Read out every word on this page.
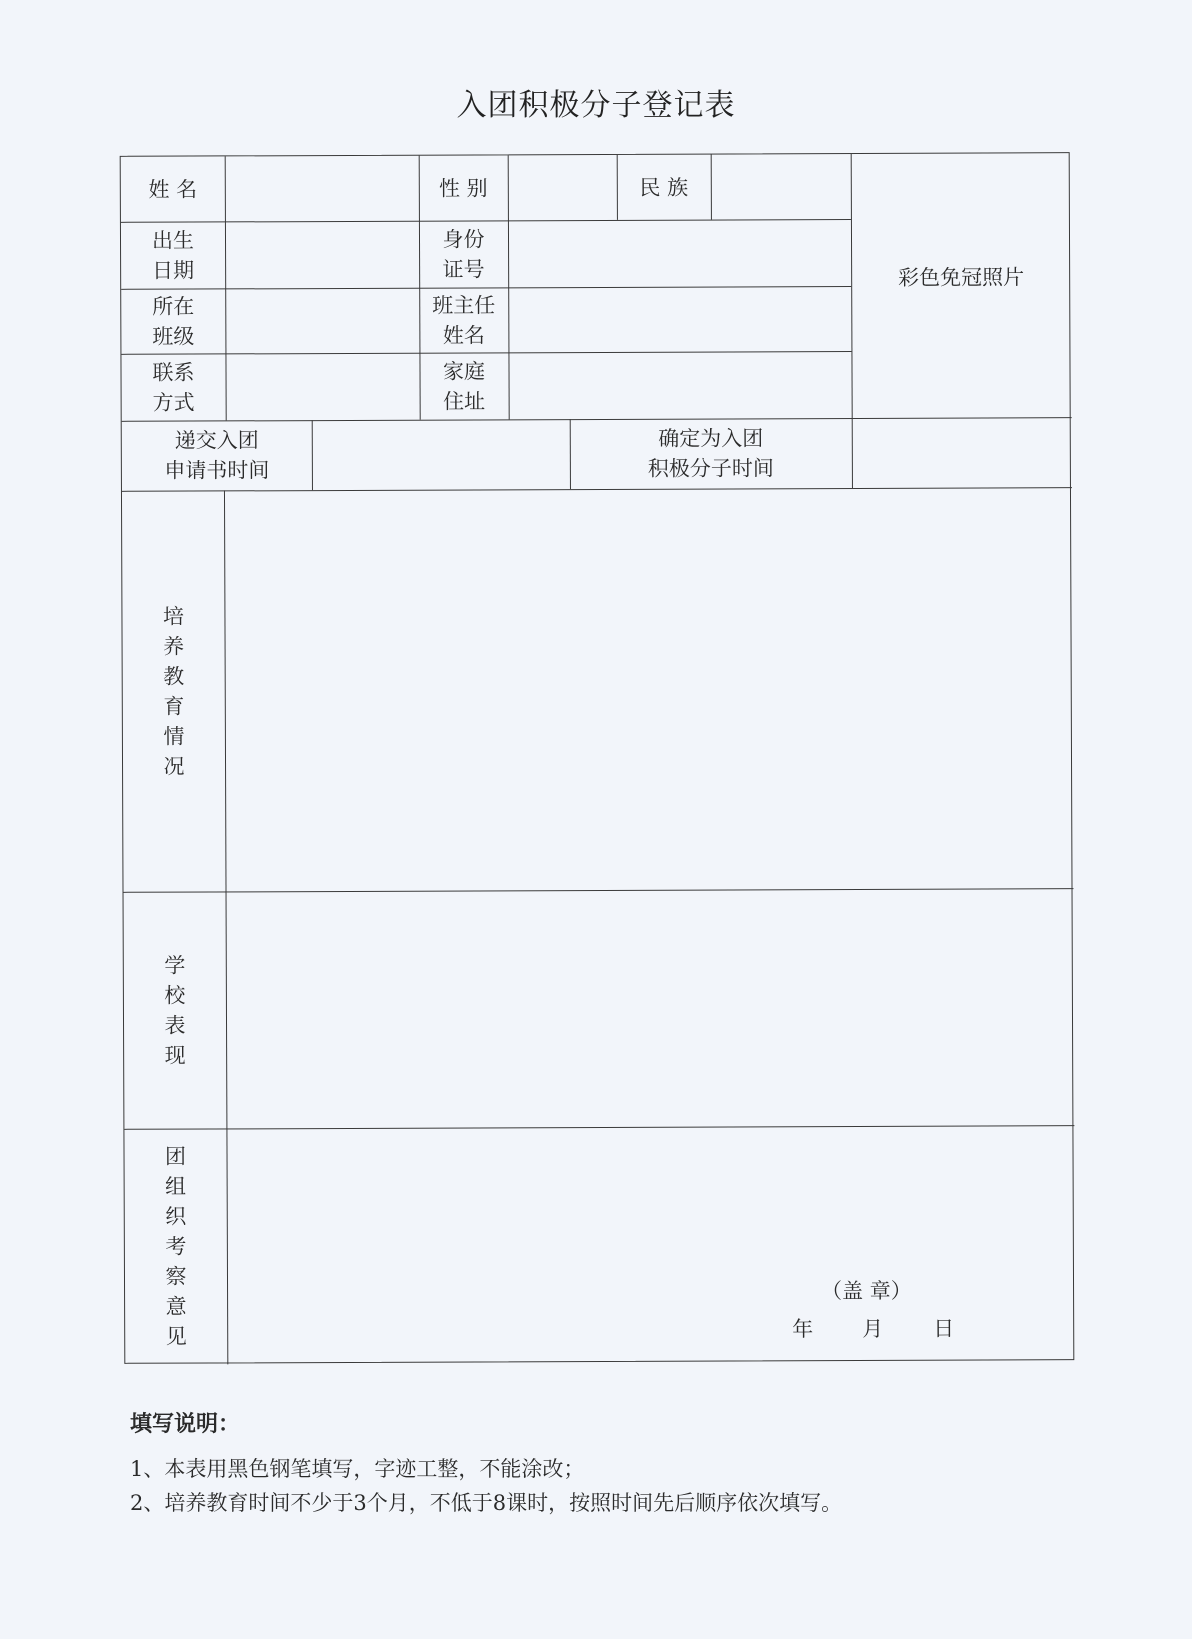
入团积极分子登记表
姓 名	性 别	民 族
彩色免冠照片
出生
日期
身份
证号
所在
班级
班主任
姓名
联系
方式
家庭
住址
递交入团
申请书时间
确定为入团
积极分子时间
培
养
教
育
情
况
学
校
表
现
团
组
织
考
察
意
见
（盖 章）
年 月 日
填写说明：
1、本表用黑色钢笔填写，字迹工整，不能涂改；
2、培养教育时间不少于3个月，不低于8课时，按照时间先后顺序依次填写。
